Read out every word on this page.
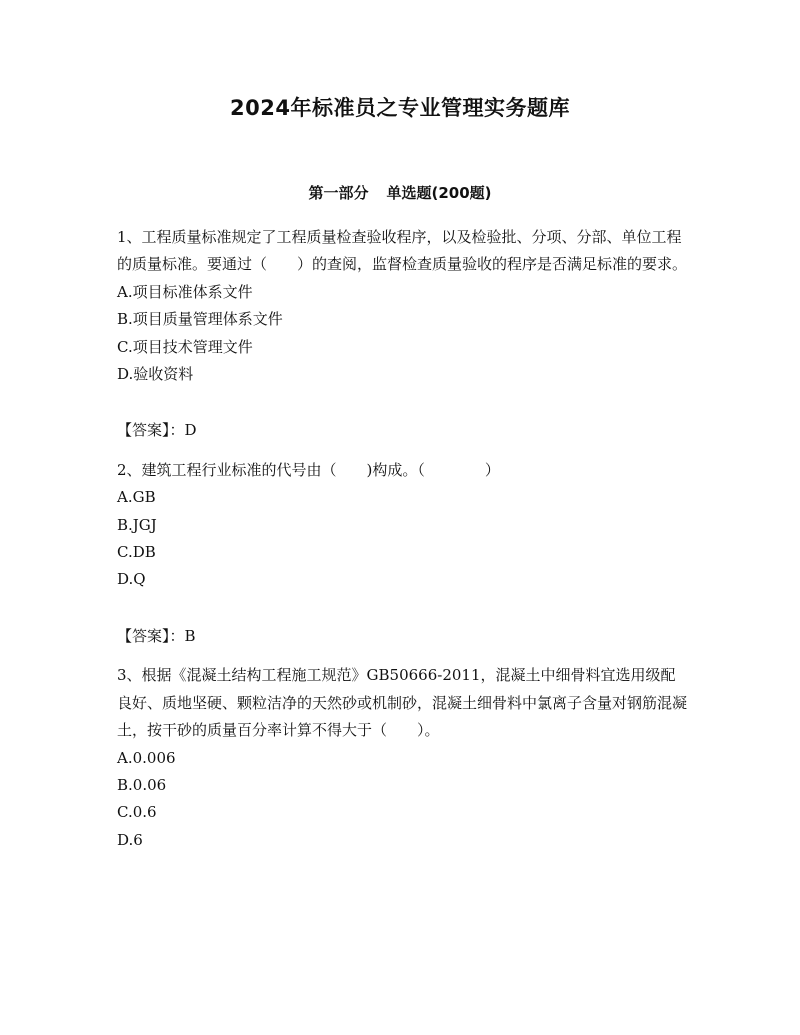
2024年标准员之专业管理实务题库
第一部分 单选题(200题)

1、工程质量标准规定了工程质量检查验收程序，以及检验批、分项、分部、单位工程的质量标准。要通过（　　）的查阅，监督检查质量验收的程序是否满足标准的要求。

A.项目标准体系文件
B.项目质量管理体系文件
C.项目技术管理文件
D.验收资料

【答案】：D

2、建筑工程行业标准的代号由（　　)构成。（　　　　）

A.GB
B.JGJ
C.DB
D.Q

【答案】：B

3、根据《混凝土结构工程施工规范》GB50666-2011，混凝土中细骨料宜选用级配良好、质地坚硬、颗粒洁净的天然砂或机制砂，混凝土细骨料中氯离子含量对钢筋混凝土，按干砂的质量百分率计算不得大于（　　）。

A.0.006
B.0.06
C.0.6
D.6
